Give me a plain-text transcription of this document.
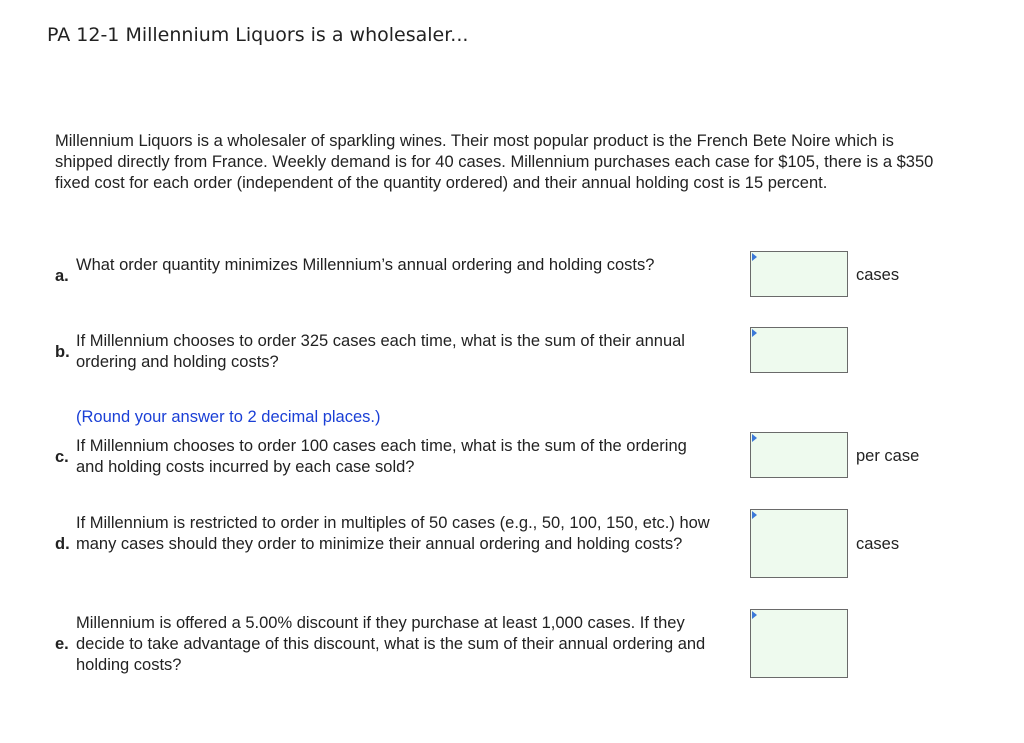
PA 12-1 Millennium Liquors is a wholesaler...
Millennium Liquors is a wholesaler of sparkling wines. Their most popular product is the French Bete Noire which is shipped directly from France. Weekly demand is for 40 cases. Millennium purchases each case for $105, there is a $350 fixed cost for each order (independent of the quantity ordered) and their annual holding cost is 15 percent.
a.
What order quantity minimizes Millennium’s annual ordering and holding costs?
cases
b.
If Millennium chooses to order 325 cases each time, what is the sum of their annual ordering and holding costs?
(Round your answer to 2 decimal places.)
c.
If Millennium chooses to order 100 cases each time, what is the sum of the ordering and holding costs incurred by each case sold?
per case
d.
If Millennium is restricted to order in multiples of 50 cases (e.g., 50, 100, 150, etc.) how many cases should they order to minimize their annual ordering and holding costs?	cases
e.
Millennium is offered a 5.00% discount if they purchase at least 1,000 cases. If they decide to take advantage of this discount, what is the sum of their annual ordering and holding costs?
